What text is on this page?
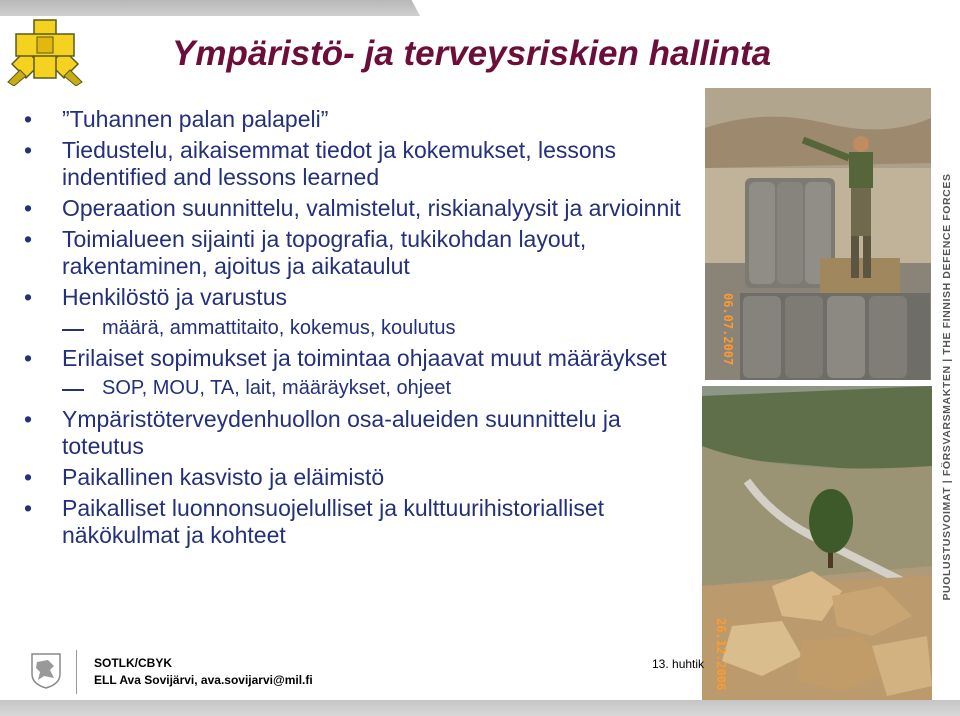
Ympäristö- ja terveysriskien hallinta
• ”Tuhannen palan palapeli”
• Tiedustelu, aikaisemmat tiedot ja kokemukset, lessons indentified and lessons learned
• Operaation suunnittelu, valmistelut, riskianalyysit ja arvioinnit
• Toimialueen sijainti ja topografia, tukikohdan layout, rakentaminen, ajoitus ja aikataulut
• Henkilöstö ja varustus
määrä, ammattitaito, kokemus, koulutus
• Erilaiset sopimukset ja toimintaa ohjaavat muut määräykset
SOP, MOU, TA, lait, määräykset, ohjeet
• Ympäristöterveydenhuollon osa-alueiden suunnittelu ja toteutus
• Paikallinen kasvisto ja eläimistö
• Paikalliset luonnonsuojelulliset ja kulttuurihistorialliset näkökulmat ja kohteet
06.07.2007
26.12.2006
PUOLUSTUSVOIMAT | FÖRSVARSMAKTEN | THE FINNISH DEFENCE FORCES
SOTLK/CBYK
ELL Ava Sovijärvi, ava.sovijarvi@mil.fi
13. huhtik
